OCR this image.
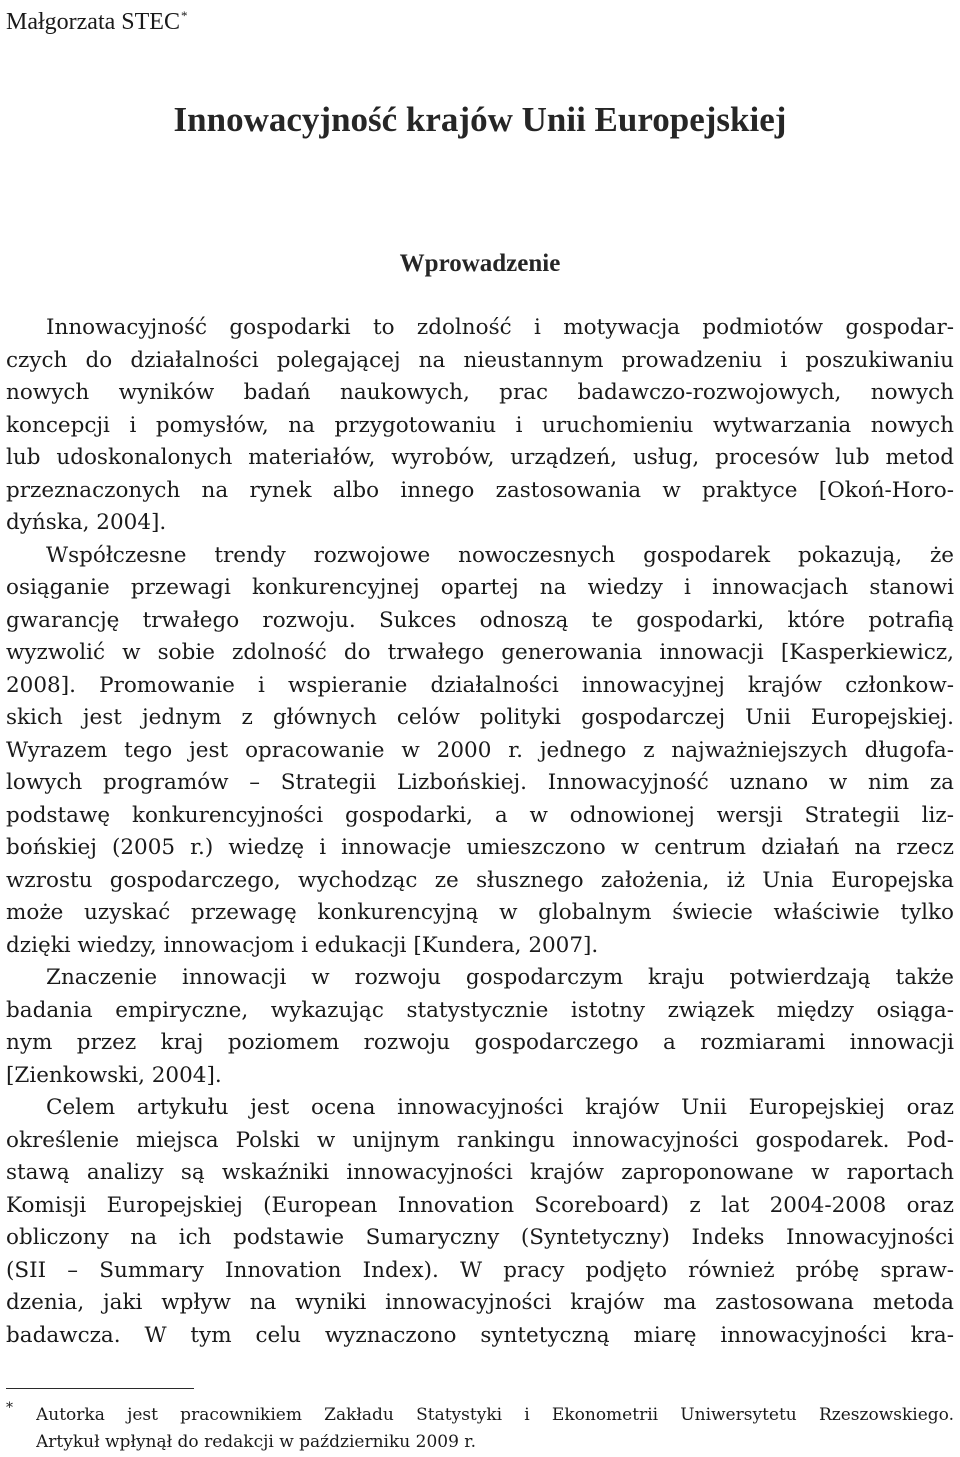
Małgorzata STEC*
Innowacyjność krajów Unii Europejskiej
Wprowadzenie
Innowacyjność gospodarki to zdolność i motywacja podmiotów gospodar-
czych do działalności polegającej na nieustannym prowadzeniu i poszukiwaniu
nowych wyników badań naukowych, prac badawczo-rozwojowych, nowych
koncepcji i pomysłów, na przygotowaniu i uruchomieniu wytwarzania nowych
lub udoskonalonych materiałów, wyrobów, urządzeń, usług, procesów lub metod
przeznaczonych na rynek albo innego zastosowania w praktyce [Okoń-Horo-
dyńska, 2004].
Współczesne trendy rozwojowe nowoczesnych gospodarek pokazują, że
osiąganie przewagi konkurencyjnej opartej na wiedzy i innowacjach stanowi
gwarancję trwałego rozwoju. Sukces odnoszą te gospodarki, które potrafią
wyzwolić w sobie zdolność do trwałego generowania innowacji [Kasperkiewicz,
2008]. Promowanie i wspieranie działalności innowacyjnej krajów członkow-
skich jest jednym z głównych celów polityki gospodarczej Unii Europejskiej.
Wyrazem tego jest opracowanie w 2000 r. jednego z najważniejszych długofa-
lowych programów – Strategii Lizbońskiej. Innowacyjność uznano w nim za
podstawę konkurencyjności gospodarki, a w odnowionej wersji Strategii liz-
bońskiej (2005 r.) wiedzę i innowacje umieszczono w centrum działań na rzecz
wzrostu gospodarczego, wychodząc ze słusznego założenia, iż Unia Europejska
może uzyskać przewagę konkurencyjną w globalnym świecie właściwie tylko
dzięki wiedzy, innowacjom i edukacji [Kundera, 2007].
Znaczenie innowacji w rozwoju gospodarczym kraju potwierdzają także
badania empiryczne, wykazując statystycznie istotny związek między osiąga-
nym przez kraj poziomem rozwoju gospodarczego a rozmiarami innowacji
[Zienkowski, 2004].
Celem artykułu jest ocena innowacyjności krajów Unii Europejskiej oraz
określenie miejsca Polski w unijnym rankingu innowacyjności gospodarek. Pod-
stawą analizy są wskaźniki innowacyjności krajów zaproponowane w raportach
Komisji Europejskiej (European Innovation Scoreboard) z lat 2004-2008 oraz
obliczony na ich podstawie Sumaryczny (Syntetyczny) Indeks Innowacyjności
(SII – Summary Innovation Index). W pracy podjęto również próbę spraw-
dzenia, jaki wpływ na wyniki innowacyjności krajów ma zastosowana metoda
badawcza. W tym celu wyznaczono syntetyczną miarę innowacyjności kra-
* Autorka jest pracownikiem Zakładu Statystyki i Ekonometrii Uniwersytetu Rzeszowskiego.
Artykuł wpłynął do redakcji w październiku 2009 r.
